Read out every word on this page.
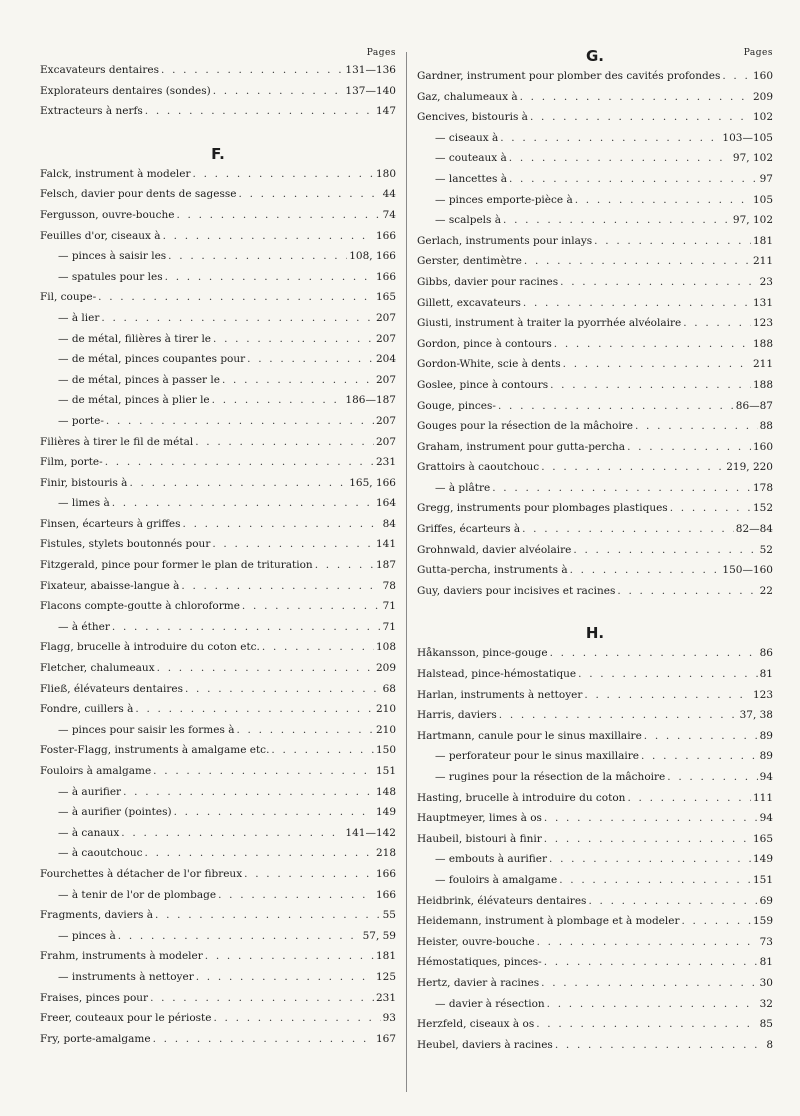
Pages
Excavateurs dentaires . . .	131—136
Explorateurs dentaires (sondes) . . .	137—140
Extracteurs à nerfs . . .	147
F.
Falck, instrument à modeler . . .	180
Felsch, davier pour dents de sagesse . . .	44
Fergusson, ouvre-bouche . . .	74
Feuilles d'or, ciseaux à . . .	166
— pinces à saisir les . . .	108, 166
— spatules pour les . . .	166
Fil, coupe- . . .	165
— à lier . . .	207
— de métal, filières à tirer le . . .	207
— de métal, pinces coupantes pour . . .	204
— de métal, pinces à passer le . . .	207
— de métal, pinces à plier le . . .	186—187
— porte- . . .	207
Filières à tirer le fil de métal . . .	207
Film, porte- . . .	231
Finir, bistouris à . . .	165, 166
— limes à . . .	164
Finsen, écarteurs à griffes . . .	84
Fistules, stylets boutonnés pour . . .	141
Fitzgerald, pince pour former le plan de trituration . . .	187
Fixateur, abaisse-langue à . . .	78
Flacons compte-goutte à chloroforme . . .	71
— à éther . . .	71
Flagg, brucelle à introduire du coton etc. . . .	108
Fletcher, chalumeaux . . .	209
Fließ, élévateurs dentaires . . .	68
Fondre, cuillers à . . .	210
— pinces pour saisir les formes à . . .	210
Foster-Flagg, instruments à amalgame etc. . . .	150
Fouloirs à amalgame . . .	151
— à aurifier . . .	148
— à aurifier (pointes) . . .	149
— à canaux . . .	141—142
— à caoutchouc . . .	218
Fourchettes à détacher de l'or fibreux . . .	166
— à tenir de l'or de plombage . . .	166
Fragments, daviers à . . .	55
— pinces à . . .	57, 59
Frahm, instruments à modeler . . .	181
— instruments à nettoyer . . .	125
Fraises, pinces pour . . .	231
Freer, couteaux pour le périoste . . .	93
Fry, porte-amalgame . . .	167
Pages
G.
Gardner, instrument pour plomber des cavités profondes . . .	160
Gaz, chalumeaux à . . .	209
Gencives, bistouris à . . .	102
— ciseaux à . . .	103—105
— couteaux à . . .	97, 102
— lancettes à . . .	97
— pinces emporte-pièce à . . .	105
— scalpels à . . .	97, 102
Gerlach, instruments pour inlays . . .	181
Gerster, dentimètre . . .	211
Gibbs, davier pour racines . . .	23
Gillett, excavateurs . . .	131
Giusti, instrument à traiter la pyorrhée alvéolaire . . .	123
Gordon, pince à contours . . .	188
Gordon-White, scie à dents . . .	211
Goslee, pince à contours . . .	188
Gouge, pinces- . . .	86—87
Gouges pour la résection de la mâchoire . . .	88
Graham, instrument pour gutta-percha . . .	160
Grattoirs à caoutchouc . . .	219, 220
— à plâtre . . .	178
Gregg, instruments pour plombages plastiques . . .	152
Griffes, écarteurs à . . .	82—84
Grohnwald, davier alvéolaire . . .	52
Gutta-percha, instruments à . . .	150—160
Guy, daviers pour incisives et racines . . .	22
H.
Håkansson, pince-gouge . . .	86
Halstead, pince-hémostatique . . .	81
Harlan, instruments à nettoyer . . .	123
Harris, daviers . . .	37, 38
Hartmann, canule pour le sinus maxillaire . . .	89
— perforateur pour le sinus maxillaire . . .	89
— rugines pour la résection de la mâchoire . . .	94
Hasting, brucelle à introduire du coton . . .	111
Hauptmeyer, limes à os . . .	94
Haubeil, bistouri à finir . . .	165
— embouts à aurifier . . .	149
— fouloirs à amalgame . . .	151
Heidbrink, élévateurs dentaires . . .	69
Heidemann, instrument à plombage et à modeler . . .	159
Heister, ouvre-bouche . . .	73
Hémostatiques, pinces- . . .	81
Hertz, davier à racines . . .	30
— davier à résection . . .	32
Herzfeld, ciseaux à os . . .	85
Heubel, daviers à racines . . .	8
